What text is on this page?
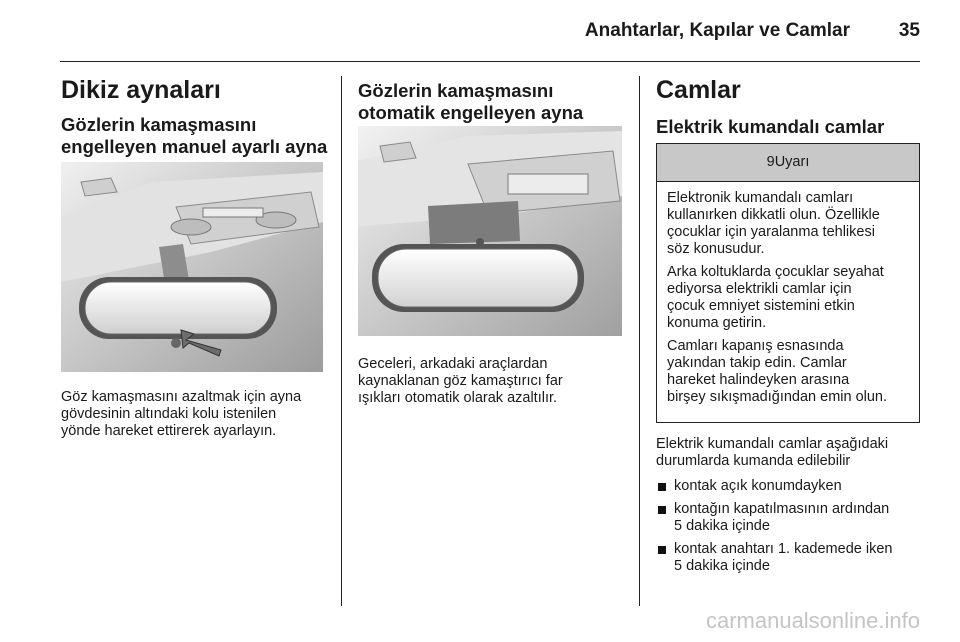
Anahtarlar, Kapılar ve Camlar	35
Dikiz aynaları
Gözlerin kamaşmasını
engelleyen manuel ayarlı ayna
Göz kamaşmasını azaltmak için ayna
gövdesinin altındaki kolu istenilen
yönde hareket ettirerek ayarlayın.
Gözlerin kamaşmasını
otomatik engelleyen ayna
Geceleri, arkadaki araçlardan
kaynaklanan göz kamaştırıcı far
ışıkları otomatik olarak azaltılır.
Camlar
Elektrik kumandalı camlar
9Uyarı

Elektronik kumandalı camları
kullanırken dikkatli olun. Özellikle
çocuklar için yaralanma tehlikesi
söz konusudur.

Arka koltuklarda çocuklar seyahat
ediyorsa elektrikli camlar için
çocuk emniyet sistemini etkin
konuma getirin.

Camları kapanış esnasında
yakından takip edin. Camlar
hareket halindeyken arasına
birşey sıkışmadığından emin olun.

Elektrik kumandalı camlar aşağıdaki
durumlarda kumanda edilebilir
kontak açık konumdayken
kontağın kapatılmasının ardından
5 dakika içinde
kontak anahtarı 1. kademede iken
5 dakika içinde
carmanualsonline.info
